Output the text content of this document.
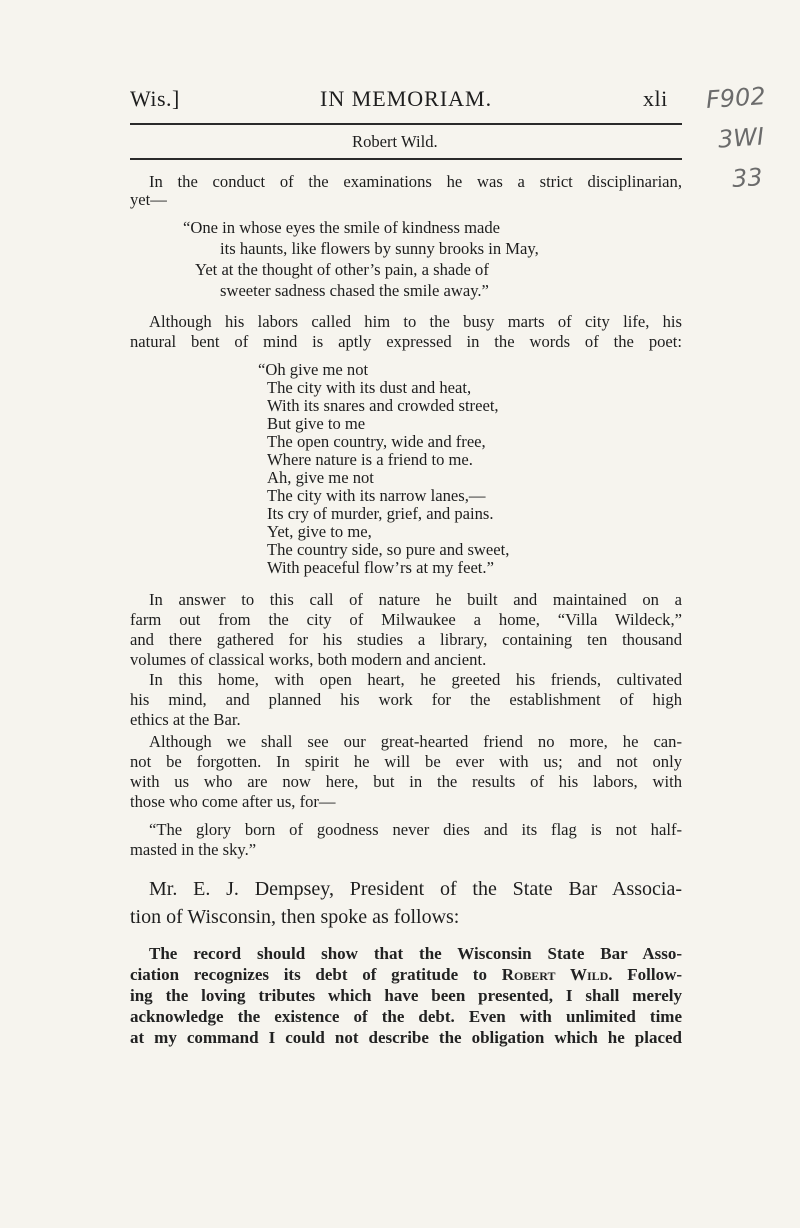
Wis.]	IN MEMORIAM.	xli
Robert Wild.
F902
3WI
33
In the conduct of the examinations he was a strict disciplinarian,
yet—
“One in whose eyes the smile of kindness made
its haunts, like flowers by sunny brooks in May,
Yet at the thought of other’s pain, a shade of
sweeter sadness chased the smile away.”
Although his labors called him to the busy marts of city life, his
natural bent of mind is aptly expressed in the words of the poet:
“Oh give me not
The city with its dust and heat,
With its snares and crowded street,
But give to me
The open country, wide and free,
Where nature is a friend to me.
Ah, give me not
The city with its narrow lanes,—
Its cry of murder, grief, and pains.
Yet, give to me,
The country side, so pure and sweet,
With peaceful flow’rs at my feet.”
In answer to this call of nature he built and maintained on a
farm out from the city of Milwaukee a home, “Villa Wildeck,”
and there gathered for his studies a library, containing ten thousand
volumes of classical works, both modern and ancient.
In this home, with open heart, he greeted his friends, cultivated
his mind, and planned his work for the establishment of high
ethics at the Bar.
Although we shall see our great-hearted friend no more, he can-
not be forgotten. In spirit he will be ever with us; and not only
with us who are now here, but in the results of his labors, with
those who come after us, for—
“The glory born of goodness never dies and its flag is not half-
masted in the sky.”
Mr. E. J. Dempsey, President of the State Bar Associa-
tion of Wisconsin, then spoke as follows:
The record should show that the Wisconsin State Bar Asso-
ciation recognizes its debt of gratitude to Robert Wild. Follow-
ing the loving tributes which have been presented, I shall merely
acknowledge the existence of the debt. Even with unlimited time
at my command I could not describe the obligation which he placed
